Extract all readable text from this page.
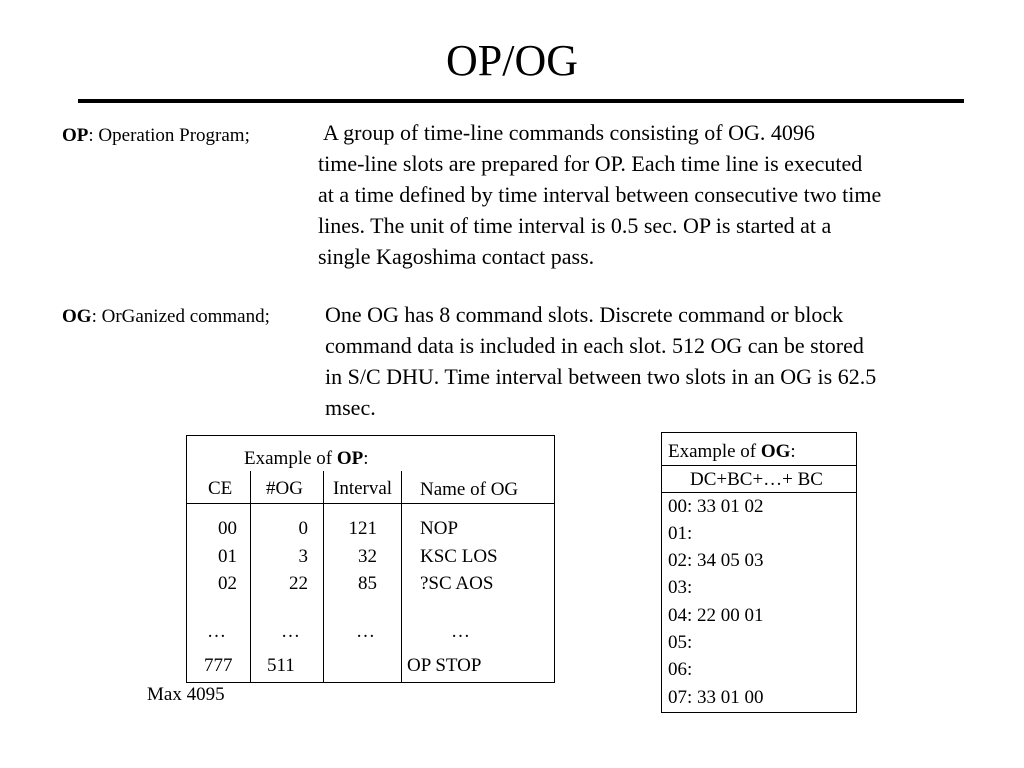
OP/OG
OP: Operation Program;	A group of time-line commands consisting of OG. 4096
time-line slots are prepared for OP. Each time line is executed
at a time defined by time interval between consecutive two time
lines. The unit of time interval is 0.5 sec. OP is started at a
single Kagoshima contact pass.
OG: OrGanized command;	One OG has 8 command slots. Discrete command or block
command data is included in each slot. 512 OG can be stored
in S/C DHU. Time interval between two slots in an OG is 62.5
msec.
Example of OP:
CE #OG Interval Name of OG
00	0 121 NOP
01	3	32 KSC LOS
02	22	85 ?SC AOS
…	…	…	…
777 511	OP STOP
Max 4095
Example of OG:
DC+BC+…+ BC
00: 33 01 02
01:
02: 34 05 03
03:
04: 22 00 01
05:
06:
07: 33 01 00
